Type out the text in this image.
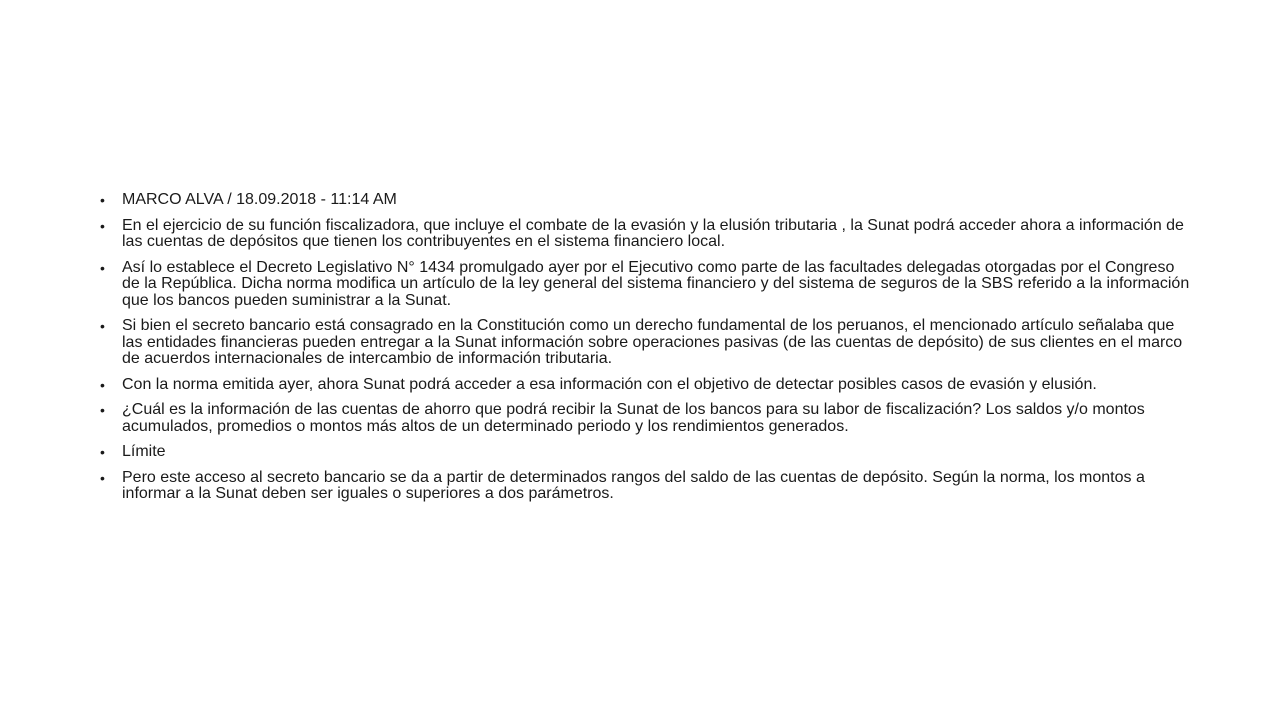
• MARCO ALVA / 18.09.2018 - 11:14 AM
• En el ejercicio de su función fiscalizadora, que incluye el combate de la evasión y la elusión tributaria , la Sunat podrá acceder ahora a información de las cuentas de depósitos que tienen los contribuyentes en el sistema financiero local.
• Así lo establece el Decreto Legislativo N° 1434 promulgado ayer por el Ejecutivo como parte de las facultades delegadas otorgadas por el Congreso de la República. Dicha norma modifica un artículo de la ley general del sistema financiero y del sistema de seguros de la SBS referido a la información que los bancos pueden suministrar a la Sunat.
• Si bien el secreto bancario está consagrado en la Constitución como un derecho fundamental de los peruanos, el mencionado artículo señalaba que las entidades financieras pueden entregar a la Sunat información sobre operaciones pasivas (de las cuentas de depósito) de sus clientes en el marco de acuerdos internacionales de intercambio de información tributaria.
• Con la norma emitida ayer, ahora Sunat podrá acceder a esa información con el objetivo de detectar posibles casos de evasión y elusión.
• ¿Cuál es la información de las cuentas de ahorro que podrá recibir la Sunat de los bancos para su labor de fiscalización? Los saldos y/o montos acumulados, promedios o montos más altos de un determinado periodo y los rendimientos generados.
• Límite
• Pero este acceso al secreto bancario se da a partir de determinados rangos del saldo de las cuentas de depósito. Según la norma, los montos a informar a la Sunat deben ser iguales o superiores a dos parámetros.
